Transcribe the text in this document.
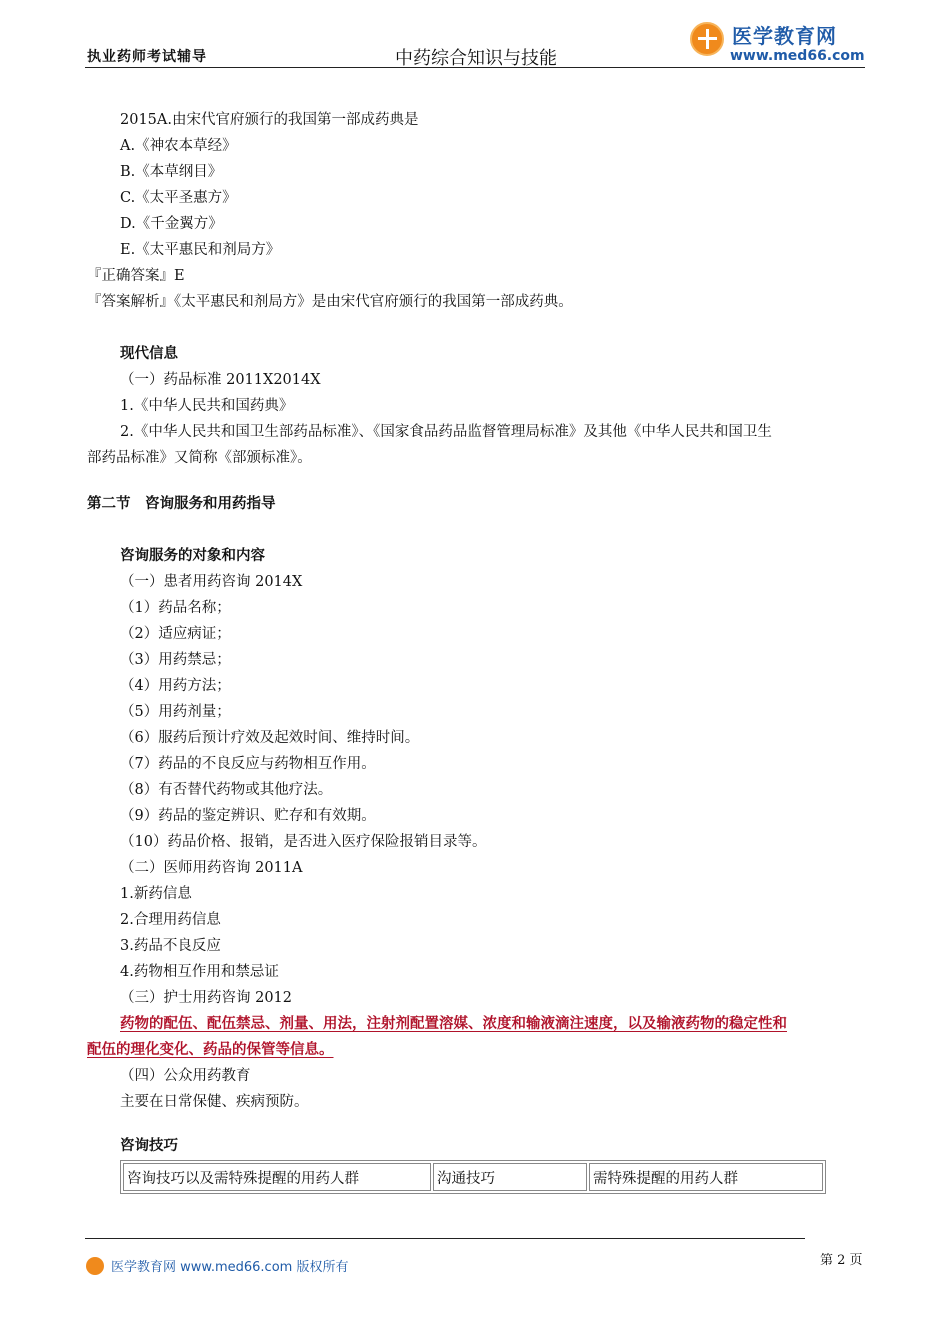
执业药师考试辅导	中药综合知识与技能
医学教育网
www.med66.com
2015A.由宋代官府颁行的我国第一部成药典是
A.《神农本草经》
B.《本草纲目》
C.《太平圣惠方》
D.《千金翼方》
E.《太平惠民和剂局方》
『正确答案』E
『答案解析』《太平惠民和剂局方》是由宋代官府颁行的我国第一部成药典。
现代信息
（一）药品标准 2011X2014X
1.《中华人民共和国药典》
2.《中华人民共和国卫生部药品标准》、《国家食品药品监督管理局标准》及其他《中华人民共和国卫生
部药品标准》又简称《部颁标准》。
第二节　咨询服务和用药指导
咨询服务的对象和内容
（一）患者用药咨询 2014X
（1）药品名称；
（2）适应病证；
（3）用药禁忌；
（4）用药方法；
（5）用药剂量；
（6）服药后预计疗效及起效时间、维持时间。
（7）药品的不良反应与药物相互作用。
（8）有否替代药物或其他疗法。
（9）药品的鉴定辨识、贮存和有效期。
（10）药品价格、报销，是否进入医疗保险报销目录等。
（二）医师用药咨询 2011A
1.新药信息
2.合理用药信息
3.药品不良反应
4.药物相互作用和禁忌证
（三）护士用药咨询 2012
药物的配伍、配伍禁忌、剂量、用法，注射剂配置溶媒、浓度和输液滴注速度，以及输液药物的稳定性和
配伍的理化变化、药品的保管等信息。
（四）公众用药教育
主要在日常保健、疾病预防。
咨询技巧
咨询技巧以及需特殊提醒的用药人群	沟通技巧	需特殊提醒的用药人群
医学教育网 www.med66.com 版权所有	第 2 页
